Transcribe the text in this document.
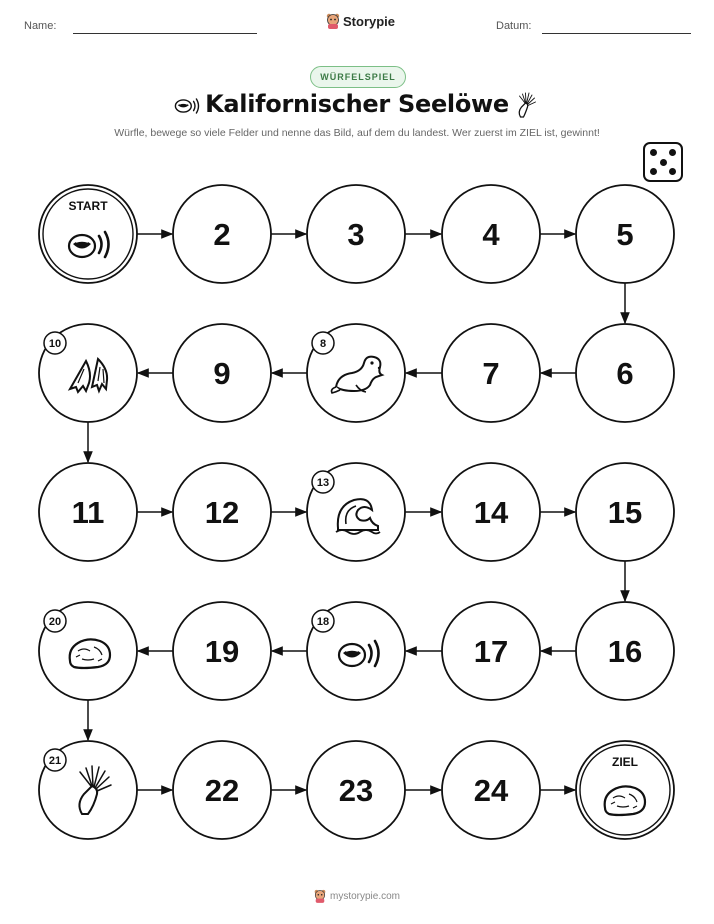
Name:	Storypie	Datum:
WÜRFELSPIEL
Kalifornischer Seelöwe
Würfle, bewege so viele Felder und nenne das Bild, auf dem du landest. Wer zuerst im ZIEL ist, gewinnt!
START
2	3	4	5
6
7
8
9
10
11	12
13
14	15
16
17
18
19
20
21
22	23	24
ZIEL
mystorypie.com
